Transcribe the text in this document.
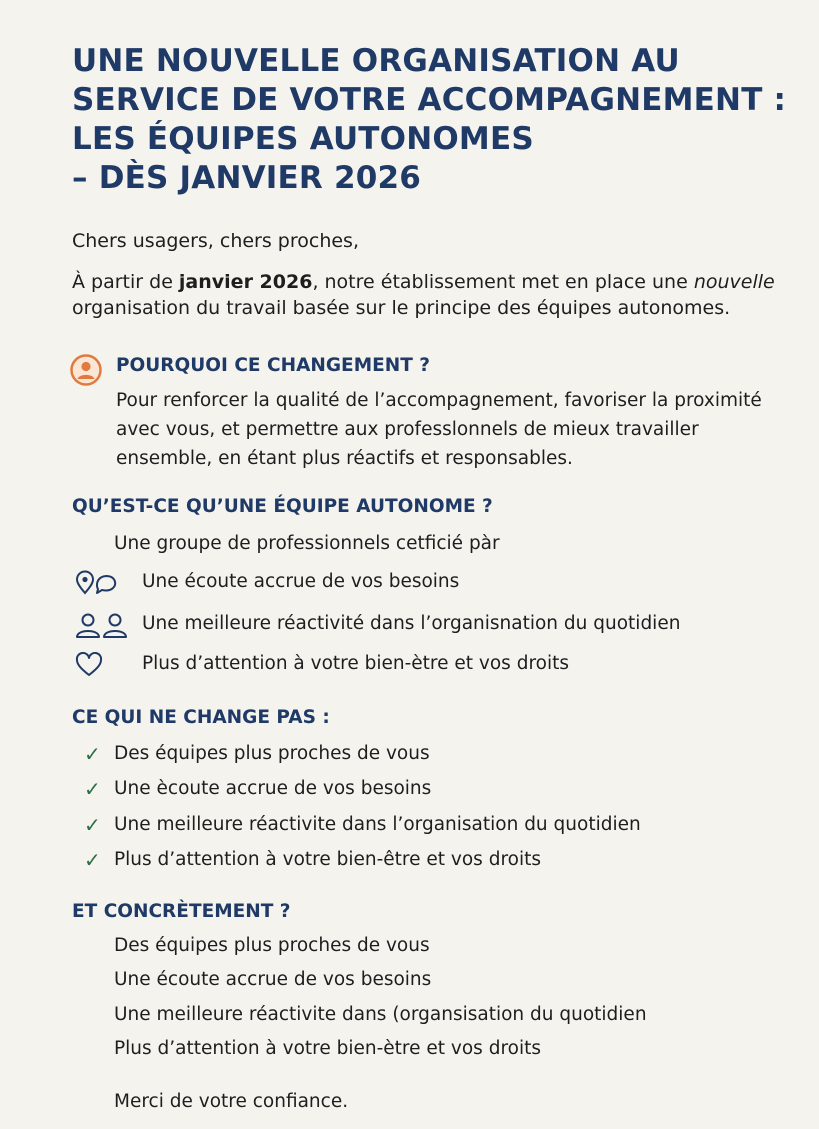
UNE NOUVELLE ORGANISATION AU
SERVICE DE VOTRE ACCOMPAGNEMENT :
LES ÉQUIPES AUTONOMES
– DÈS JANVIER 2026
Chers usagers, chers proches,
À partir de janvier 2026, notre établissement met en place une nouvelle
organisation du travail basée sur le principe des équipes autonomes.
POURQUOI CE CHANGEMENT ?
Pour renforcer la qualité de l’accompagnement, favoriser la proximité
avec vous, et permettre aux professlonnels de mieux travailler
ensemble, en étant plus réactifs et responsables.
QU’EST-CE QU’UNE ÉQUIPE AUTONOME ?
Une groupe de professionnels cetficié pàr
Une écoute accrue de vos besoins
Une meilleure réactivité dans l’organisnation du quotidien
Plus d’attention à votre bien-ètre et vos droits
CE QUI NE CHANGE PAS :
✓ Des équipes plus proches de vous
✓ Une ècoute accrue de vos besoins
✓ Une meilleure réactivite dans l’organisation du quotidien
✓ Plus d’attention à votre bien-être et vos droits
ET CONCRÈTEMENT ?
Des équipes plus proches de vous
Une écoute accrue de vos besoins
Une meilleure réactivite dans (organsisation du quotidien
Plus d’attention à votre bien-ètre et vos droits
Merci de votre confiance.
